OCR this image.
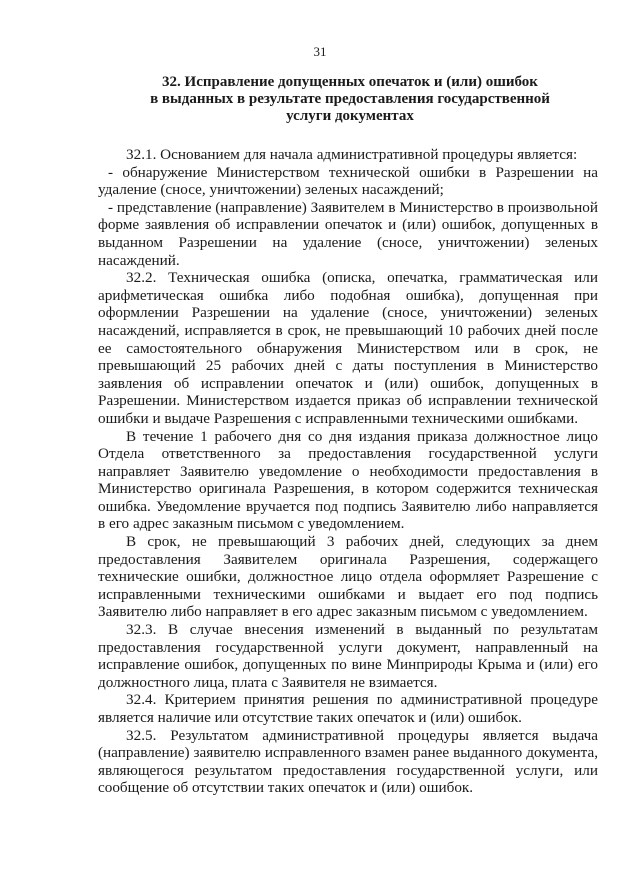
31
32. Исправление допущенных опечаток и (или) ошибок
в выданных в результате предоставления государственной
услуги документах

32.1. Основанием для начала административной процедуры является:

- обнаружение Министерством технической ошибки в Разрешении на удаление (сносе, уничтожении) зеленых насаждений;

- представление (направление) Заявителем в Министерство в произвольной форме заявления об исправлении опечаток и (или) ошибок, допущенных в выданном Разрешении на удаление (сносе, уничтожении) зеленых насаждений.

32.2. Техническая ошибка (описка, опечатка, грамматическая или арифметическая ошибка либо подобная ошибка), допущенная при оформлении Разрешении на удаление (сносе, уничтожении) зеленых насаждений, исправляется в срок, не превышающий 10 рабочих дней после ее самостоятельного обнаружения Министерством или в срок, не превышающий 25 рабочих дней с даты поступления в Министерство заявления об исправлении опечаток и (или) ошибок, допущенных в Разрешении. Министерством издается приказ об исправлении технической ошибки и выдаче Разрешения с исправленными техническими ошибками.

В течение 1 рабочего дня со дня издания приказа должностное лицо Отдела ответственного за предоставления государственной услуги направляет Заявителю уведомление о необходимости предоставления в Министерство оригинала Разрешения, в котором содержится техническая ошибка. Уведомление вручается под подпись Заявителю либо направляется в его адрес заказным письмом с уведомлением.

В срок, не превышающий 3 рабочих дней, следующих за днем предоставления Заявителем оригинала Разрешения, содержащего технические ошибки, должностное лицо отдела оформляет Разрешение с исправленными техническими ошибками и выдает его под подпись Заявителю либо направляет в его адрес заказным письмом с уведомлением.

32.3. В случае внесения изменений в выданный по результатам предоставления государственной услуги документ, направленный на исправление ошибок, допущенных по вине Минприроды Крыма и (или) его должностного лица, плата с Заявителя не взимается.

32.4. Критерием принятия решения по административной процедуре является наличие или отсутствие таких опечаток и (или) ошибок.

32.5. Результатом административной процедуры является выдача (направление) заявителю исправленного взамен ранее выданного документа, являющегося результатом предоставления государственной услуги, или сообщение об отсутствии таких опечаток и (или) ошибок.
